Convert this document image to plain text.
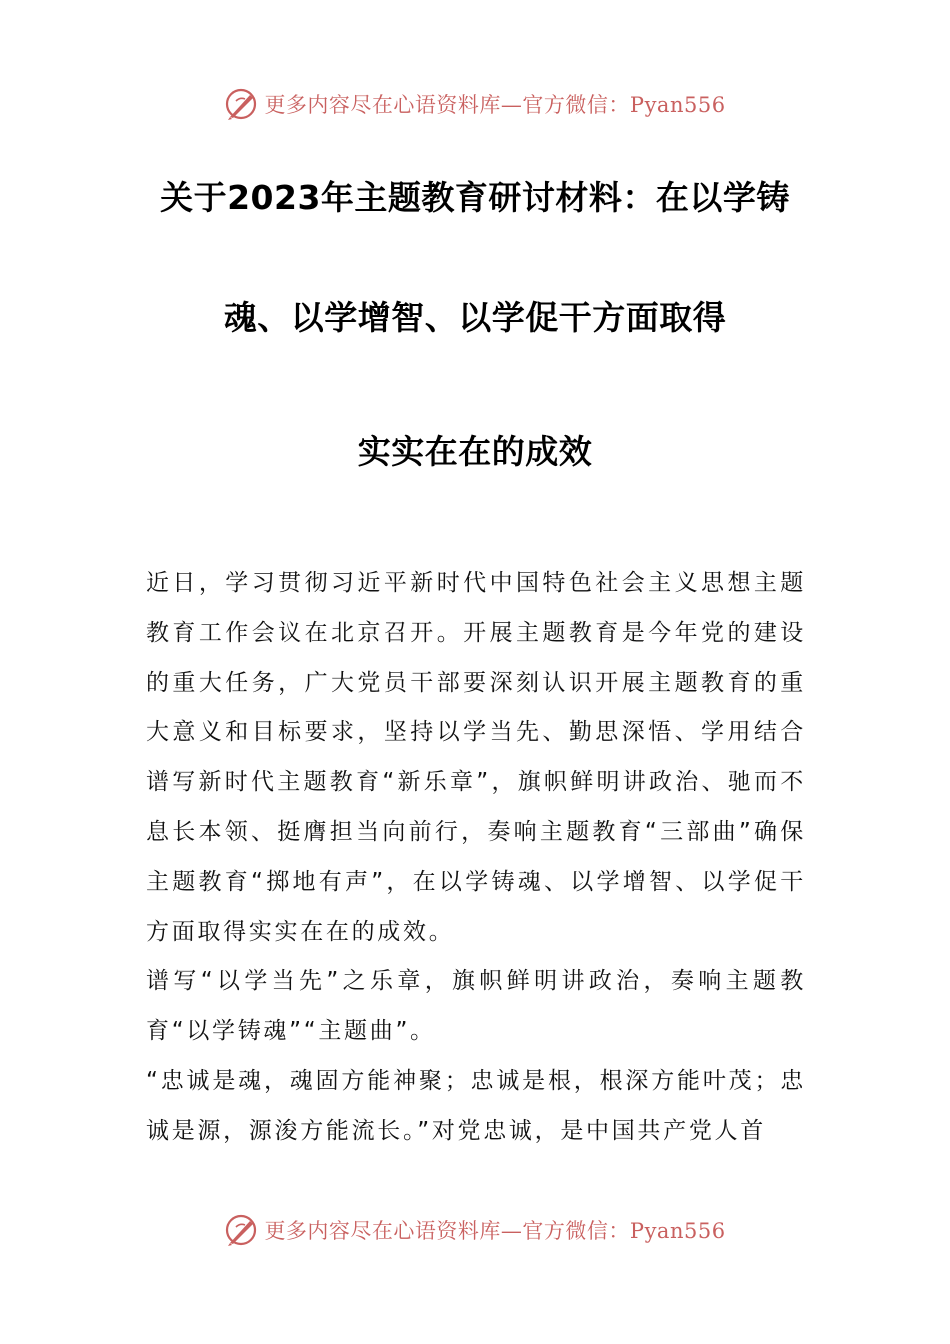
更多内容尽在心语资料库—官方微信：Pyan556
关于2023年主题教育研讨材料：在以学铸
魂、以学增智、以学促干方面取得
实实在在的成效

近日，学习贯彻习近平新时代中国特色社会主义思想主题教育工作会议在北京召开。开展主题教育是今年党的建设的重大任务，广大党员干部要深刻认识开展主题教育的重大意义和目标要求，坚持以学当先、勤思深悟、学用结合谱写新时代主题教育“新乐章”，旗帜鲜明讲政治、驰而不息长本领、挺膺担当向前行，奏响主题教育“三部曲”确保主题教育“掷地有声”，在以学铸魂、以学增智、以学促干方面取得实实在在的成效。

谱写“以学当先”之乐章，旗帜鲜明讲政治，奏响主题教育“以学铸魂”“主题曲”。

“忠诚是魂，魂固方能神聚；忠诚是根，根深方能叶茂；忠诚是源，源浚方能流长。”对党忠诚，是中国共产党人首

更多内容尽在心语资料库—官方微信：Pyan556
